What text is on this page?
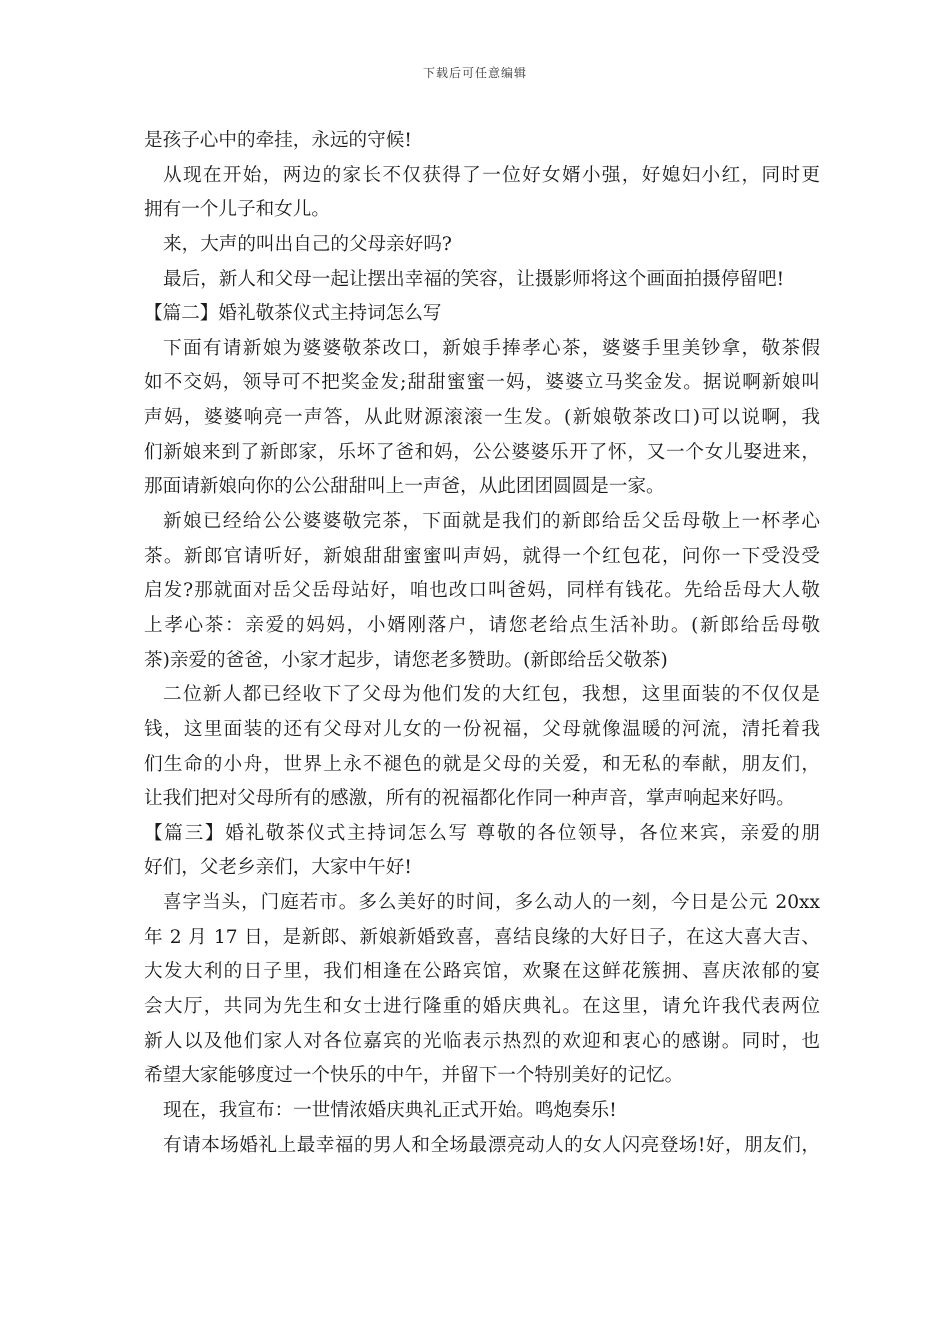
下载后可任意编辑
是孩子心中的牵挂，永远的守候!
从现在开始，两边的家长不仅获得了一位好女婿小强，好媳妇小红，同时更
拥有一个儿子和女儿。
来，大声的叫出自己的父母亲好吗?
最后，新人和父母一起让摆出幸福的笑容，让摄影师将这个画面拍摄停留吧!
【篇二】婚礼敬茶仪式主持词怎么写
下面有请新娘为婆婆敬茶改口，新娘手捧孝心茶，婆婆手里美钞拿，敬茶假
如不交妈，领导可不把奖金发;甜甜蜜蜜一妈，婆婆立马奖金发。据说啊新娘叫
声妈，婆婆响亮一声答，从此财源滚滚一生发。(新娘敬茶改口)可以说啊，我
们新娘来到了新郎家，乐坏了爸和妈，公公婆婆乐开了怀，又一个女儿娶进来，
那面请新娘向你的公公甜甜叫上一声爸，从此团团圆圆是一家。
新娘已经给公公婆婆敬完茶，下面就是我们的新郎给岳父岳母敬上一杯孝心
茶。新郎官请听好，新娘甜甜蜜蜜叫声妈，就得一个红包花，问你一下受没受
启发?那就面对岳父岳母站好，咱也改口叫爸妈，同样有钱花。先给岳母大人敬
上孝心茶：亲爱的妈妈，小婿刚落户，请您老给点生活补助。(新郎给岳母敬
茶)亲爱的爸爸，小家才起步，请您老多赞助。(新郎给岳父敬茶)
二位新人都已经收下了父母为他们发的大红包，我想，这里面装的不仅仅是
钱，这里面装的还有父母对儿女的一份祝福，父母就像温暖的河流，清托着我
们生命的小舟，世界上永不褪色的就是父母的关爱，和无私的奉献，朋友们，
让我们把对父母所有的感激，所有的祝福都化作同一种声音，掌声响起来好吗。
【篇三】婚礼敬茶仪式主持词怎么写 尊敬的各位领导，各位来宾，亲爱的朋
好们，父老乡亲们，大家中午好!
喜字当头，门庭若市。多么美好的时间，多么动人的一刻，今日是公元 20xx
年 2 月 17 日，是新郎、新娘新婚致喜，喜结良缘的大好日子，在这大喜大吉、
大发大利的日子里，我们相逢在公路宾馆，欢聚在这鲜花簇拥、喜庆浓郁的宴
会大厅，共同为先生和女士进行隆重的婚庆典礼。在这里，请允许我代表两位
新人以及他们家人对各位嘉宾的光临表示热烈的欢迎和衷心的感谢。同时，也
希望大家能够度过一个快乐的中午，并留下一个特别美好的记忆。
现在，我宣布：一世情浓婚庆典礼正式开始。鸣炮奏乐!
有请本场婚礼上最幸福的男人和全场最漂亮动人的女人闪亮登场!好，朋友们，
